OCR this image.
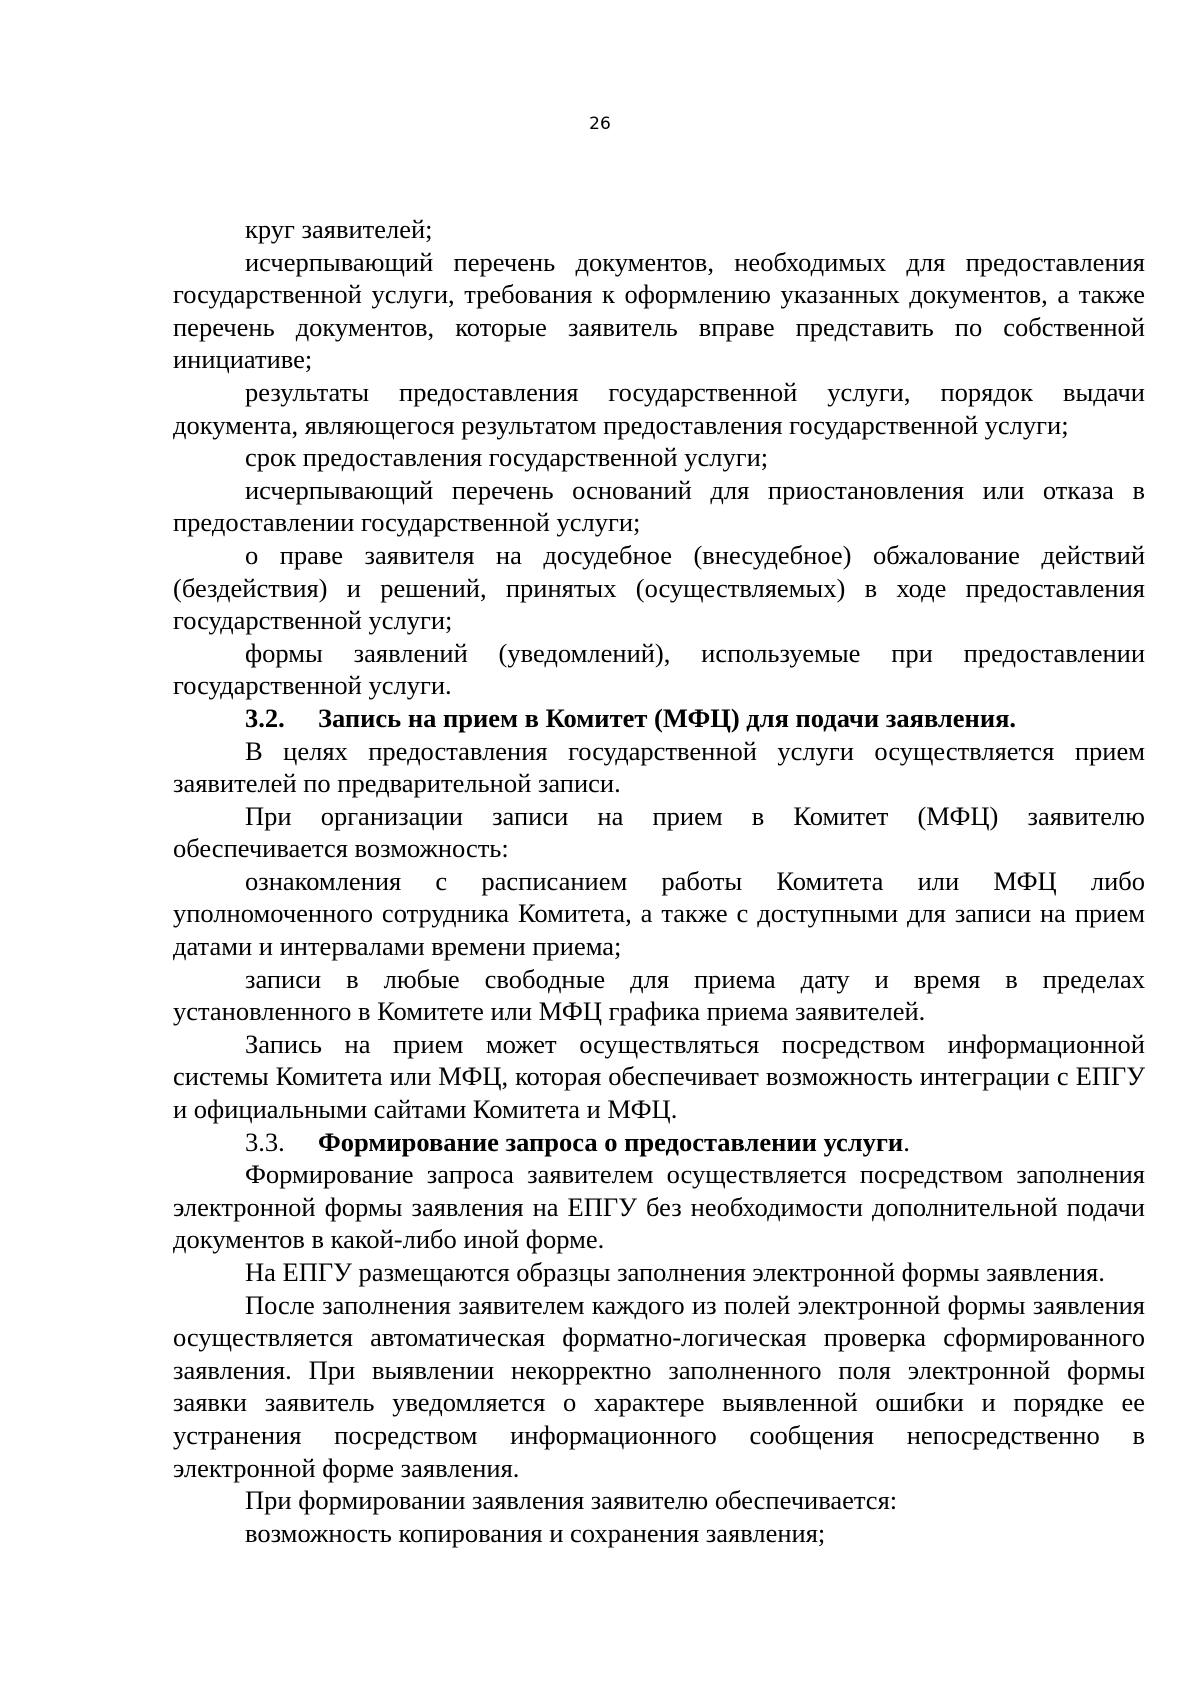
26

круг заявителей;

исчерпывающий перечень документов, необходимых для предоставления государственной услуги, требования к оформлению указанных документов, а также перечень документов, которые заявитель вправе представить по собственной инициативе;

результаты предоставления государственной услуги, порядок выдачи документа, являющегося результатом предоставления государственной услуги;

срок предоставления государственной услуги;

исчерпывающий перечень оснований для приостановления или отказа в предоставлении государственной услуги;

о праве заявителя на досудебное (внесудебное) обжалование действий (бездействия) и решений, принятых (осуществляемых) в ходе предоставления государственной услуги;

формы заявлений (уведомлений), используемые при предоставлении государственной услуги.

3.2. Запись на прием в Комитет (МФЦ) для подачи заявления.

В целях предоставления государственной услуги осуществляется прием заявителей по предварительной записи.

При организации записи на прием в Комитет (МФЦ) заявителю обеспечивается возможность:

ознакомления с расписанием работы Комитета или МФЦ либо уполномоченного сотрудника Комитета, а также с доступными для записи на прием датами и интервалами времени приема;

записи в любые свободные для приема дату и время в пределах установленного в Комитете или МФЦ графика приема заявителей.

Запись на прием может осуществляться посредством информационной системы Комитета или МФЦ, которая обеспечивает возможность интеграции с ЕПГУ и официальными сайтами Комитета и МФЦ.

3.3. Формирование запроса о предоставлении услуги.

Формирование запроса заявителем осуществляется посредством заполнения электронной формы заявления на ЕПГУ без необходимости дополнительной подачи документов в какой-либо иной форме.

На ЕПГУ размещаются образцы заполнения электронной формы заявления.

После заполнения заявителем каждого из полей электронной формы заявления осуществляется автоматическая форматно-логическая проверка сформированного заявления. При выявлении некорректно заполненного поля электронной формы заявки заявитель уведомляется о характере выявленной ошибки и порядке ее устранения посредством информационного сообщения непосредственно в электронной форме заявления.

При формировании заявления заявителю обеспечивается:

возможность копирования и сохранения заявления;
